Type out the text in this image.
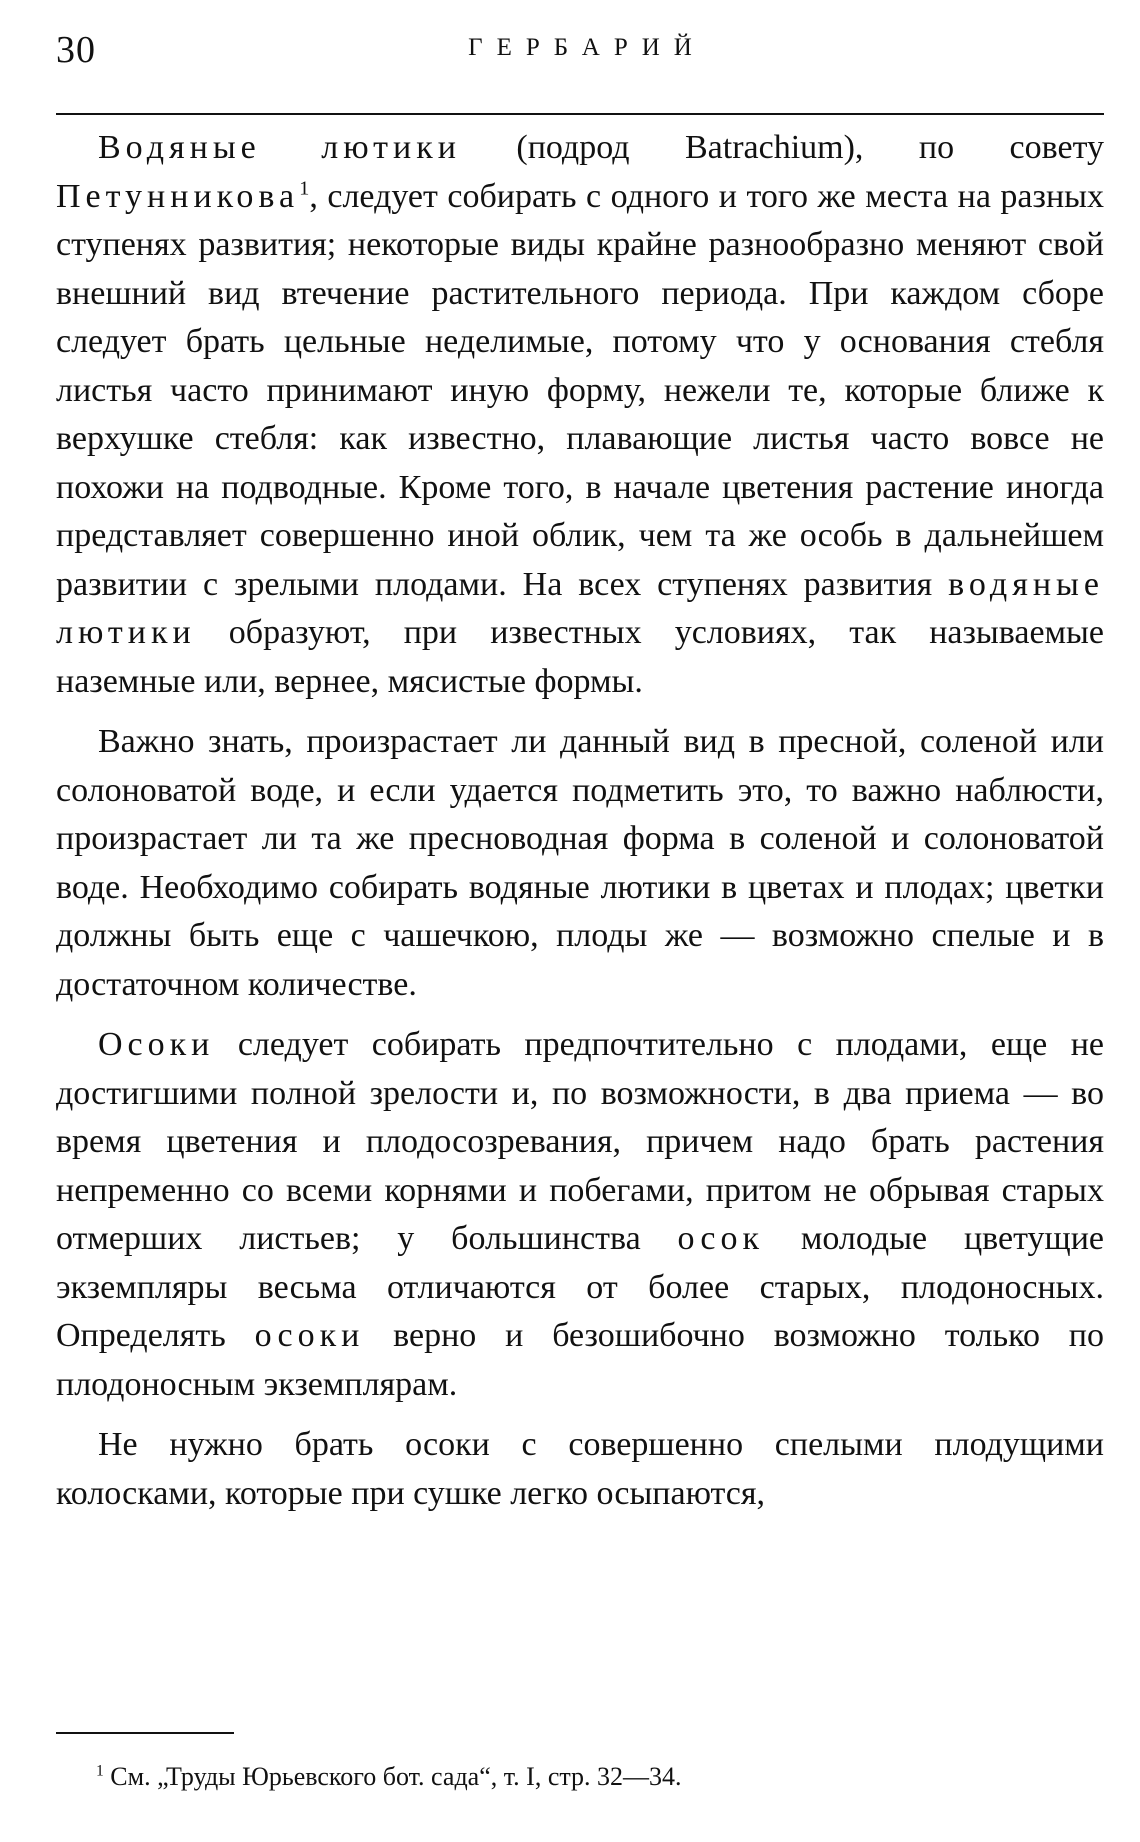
30	ГЕРБАРИЙ

Водяные лютики (подрод Batrachium), по совету Петунникова$^1$, следует собирать с одного и того же места на разных ступенях развития; некоторые виды крайне разнообразно меняют свой внешний вид втечение растительного периода. При каждом сборе следует брать цельные неделимые, потому что у основания стебля листья часто принимают иную форму, нежели те, которые ближе к верхушке стебля: как известно, плавающие листья часто вовсе не похожи на подводные. Кроме того, в начале цветения растение иногда представляет совершенно иной облик, чем та же особь в дальнейшем развитии с зрелыми плодами. На всех ступенях развития водяные лютики образуют, при известных условиях, так называемые наземные или, вернее, мясистые формы.

Важно знать, произрастает ли данный вид в пресной, соленой или солоноватой воде, и если удается подметить это, то важно наблюсти, произрастает ли та же пресноводная форма в соленой и солоноватой воде. Необходимо собирать водяные лютики в цветах и плодах; цветки должны быть еще с чашечкою, плоды же — возможно спелые и в достаточном количестве.

Осоки следует собирать предпочтительно с плодами, еще не достигшими полной зрелости и, по возможности, в два приема — во время цветения и плодосозревания, причем надо брать растения непременно со всеми корнями и побегами, притом не обрывая старых отмерших листьев; у большинства осок молодые цветущие экземпляры весьма отличаются от более старых, плодоносных. Определять осоки верно и безошибочно возможно только по плодоносным экземплярам.

Не нужно брать осоки с совершенно спелыми плодущими колосками, которые при сушке легко осыпаются,

$^1$ См. „Труды Юрьевского бот. сада“, т. I, стр. 32—34.
